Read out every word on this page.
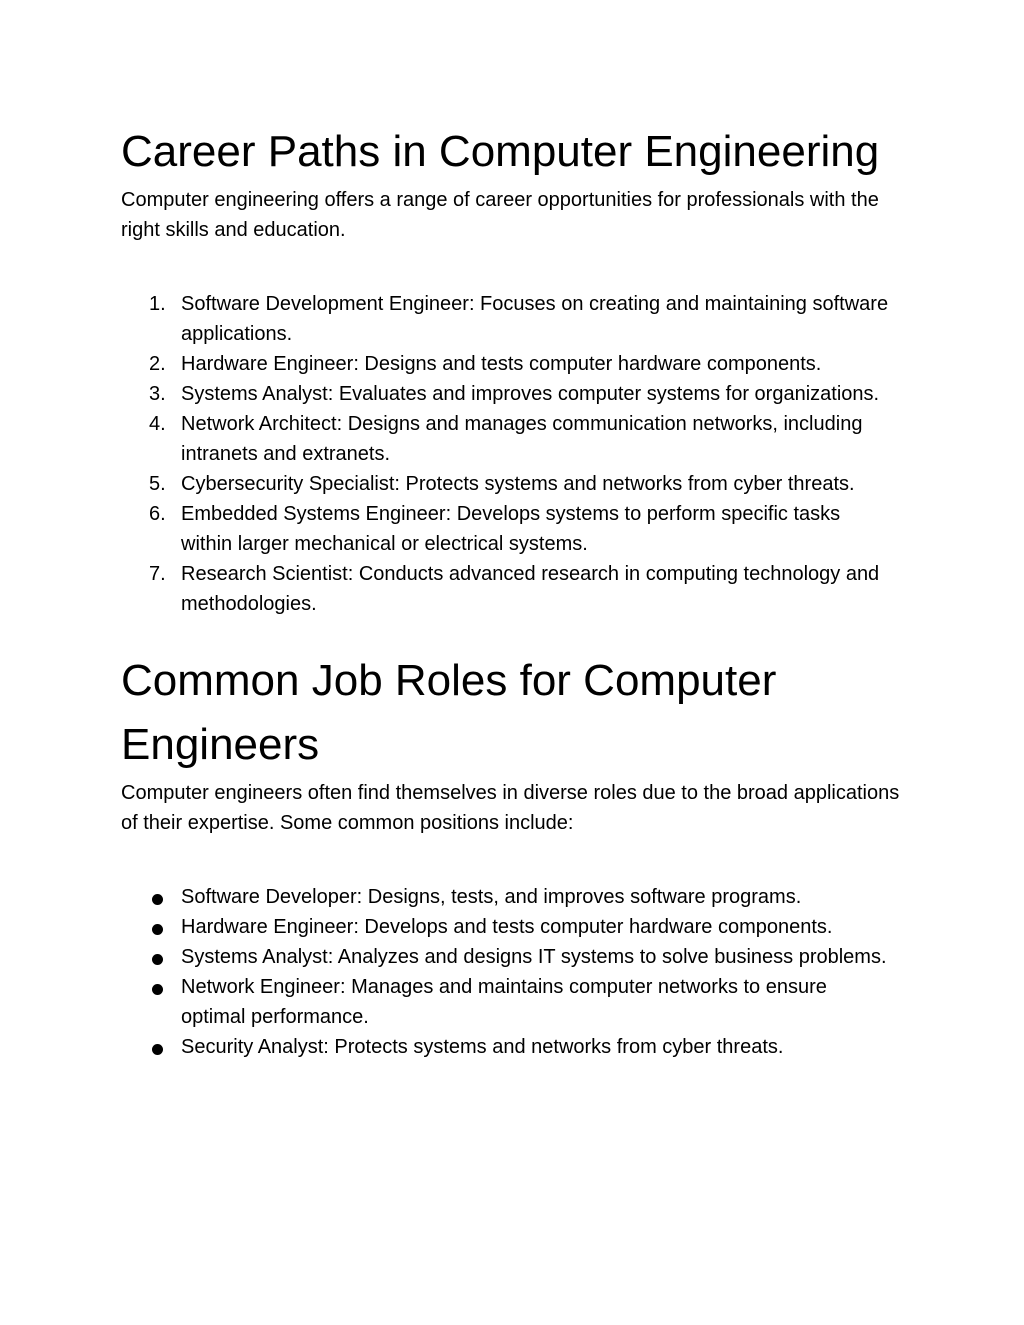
Career Paths in Computer Engineering

Computer engineering offers a range of career opportunities for professionals with the right skills and education.

1. Software Development Engineer: Focuses on creating and maintaining software applications.
2. Hardware Engineer: Designs and tests computer hardware components.
3. Systems Analyst: Evaluates and improves computer systems for organizations.
4. Network Architect: Designs and manages communication networks, including intranets and extranets.
5. Cybersecurity Specialist: Protects systems and networks from cyber threats.
6. Embedded Systems Engineer: Develops systems to perform specific tasks within larger mechanical or electrical systems.
7. Research Scientist: Conducts advanced research in computing technology and methodologies.
Common Job Roles for Computer Engineers

Computer engineers often find themselves in diverse roles due to the broad applications of their expertise. Some common positions include:

Software Developer: Designs, tests, and improves software programs.
Hardware Engineer: Develops and tests computer hardware components.
Systems Analyst: Analyzes and designs IT systems to solve business problems.
Network Engineer: Manages and maintains computer networks to ensure optimal performance.
Security Analyst: Protects systems and networks from cyber threats.
